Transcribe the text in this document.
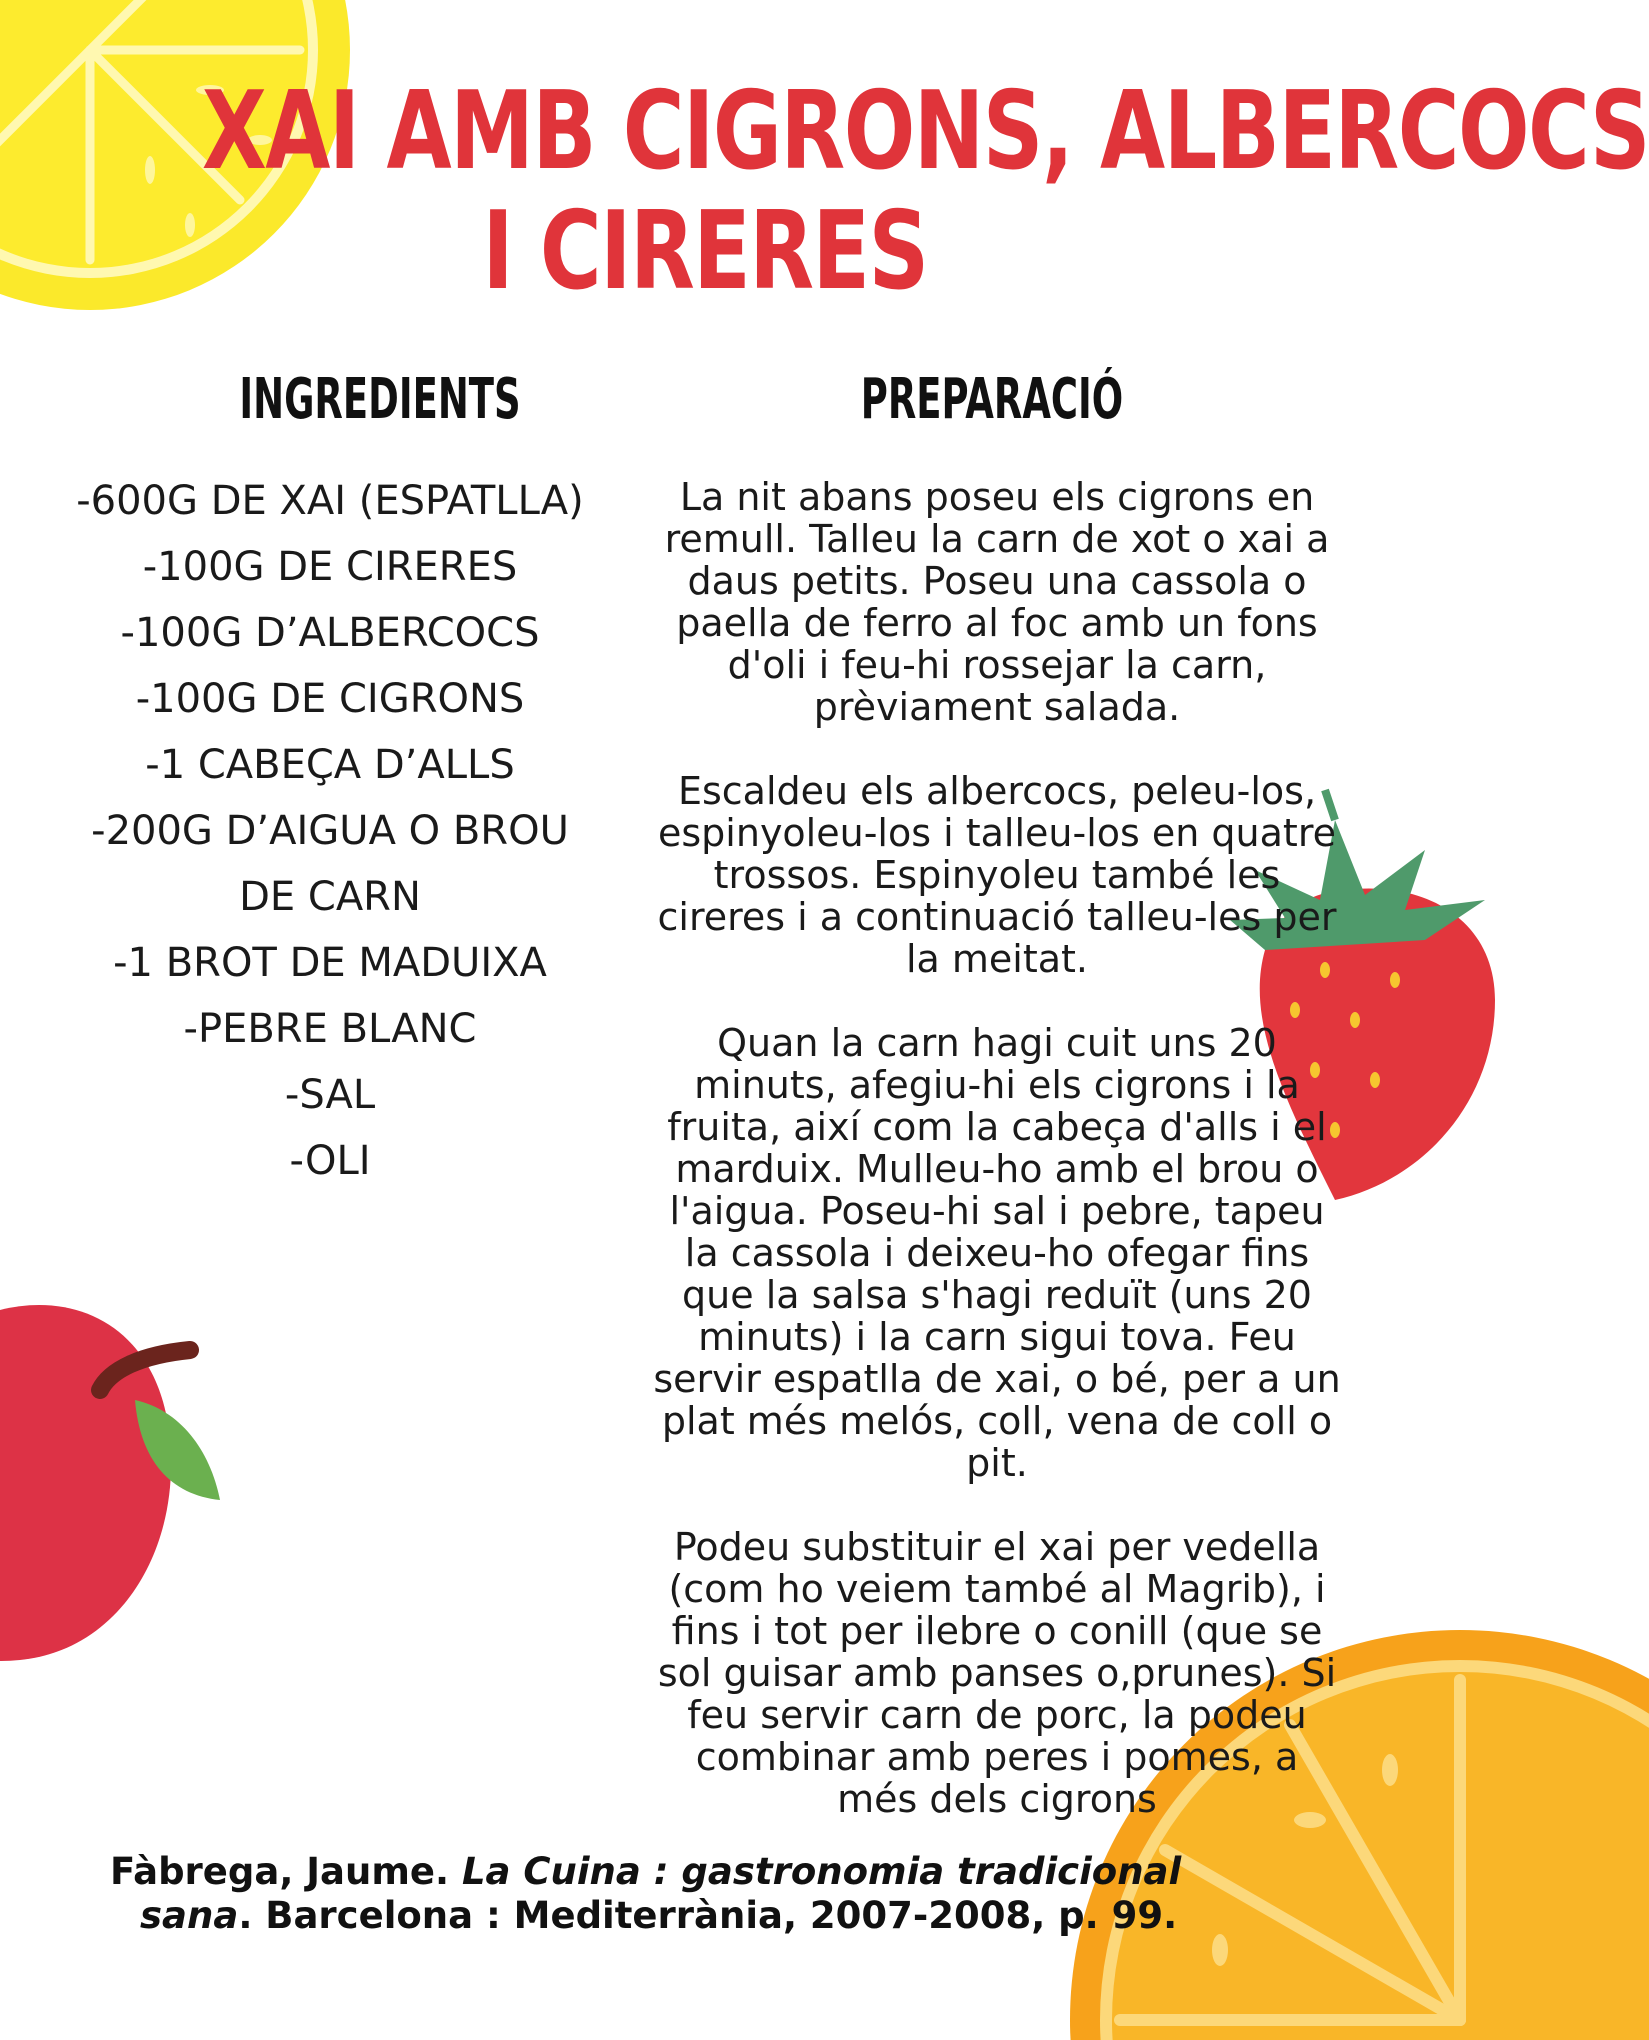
XAI AMB CIGRONS, ALBERCOCS
I CIRERES
INGREDIENTS
-600G DE XAI (ESPATLLA)
-100G DE CIRERES
-100G D’ALBERCOCS
-100G DE CIGRONS
-1 CABEÇA D’ALLS
-200G D’AIGUA O BROU
DE CARN
-1 BROT DE MADUIXA
-PEBRE BLANC
-SAL
-OLI
PREPARACIÓ

La nit abans poseu els cigrons en remull. Talleu la carn de xot o xai a daus petits. Poseu una cassola o paella de ferro al foc amb un fons d'oli i feu-hi rossejar la carn, prèviament salada.

Escaldeu els albercocs, peleu-los, espinyoleu-los i talleu-los en quatre trossos. Espinyoleu també les cireres i a continuació talleu-les per la meitat.

Quan la carn hagi cuit uns 20 minuts, afegiu-hi els cigrons i la fruita, així com la cabeça d'alls i el marduix. Mulleu-ho amb el brou o l'aigua. Poseu-hi sal i pebre, tapeu la cassola i deixeu-ho ofegar fins que la salsa s'hagi reduït (uns 20 minuts) i la carn sigui tova. Feu servir espatlla de xai, o bé, per a un plat més melós, coll, vena de coll o pit.

Podeu substituir el xai per vedella (com ho veiem també al Magrib), i fins i tot per ilebre o conill (que se sol guisar amb panses o,prunes). Si feu servir carn de porc, la podeu combinar amb peres i pomes, a més dels cigrons

Fàbrega, Jaume. La Cuina : gastronomia tradicional
sana. Barcelona : Mediterrània, 2007-2008, p. 99.
